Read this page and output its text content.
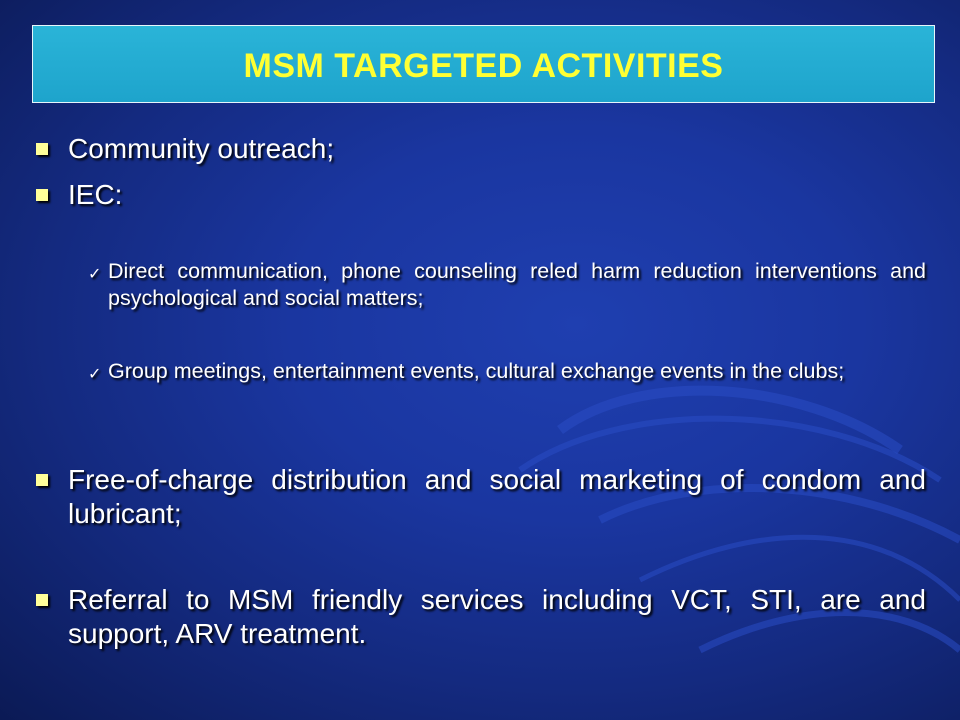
MSM TARGETED ACTIVITIES
Community outreach;
IEC:
✓ Direct communication, phone counseling reled harm reduction interventions and psychological and social matters;
✓ Group meetings, entertainment events, cultural exchange events in the clubs;
Free-of-charge distribution and social marketing of condom and lubricant;
Referral to MSM friendly services including VCT, STI, are and support, ARV treatment.
